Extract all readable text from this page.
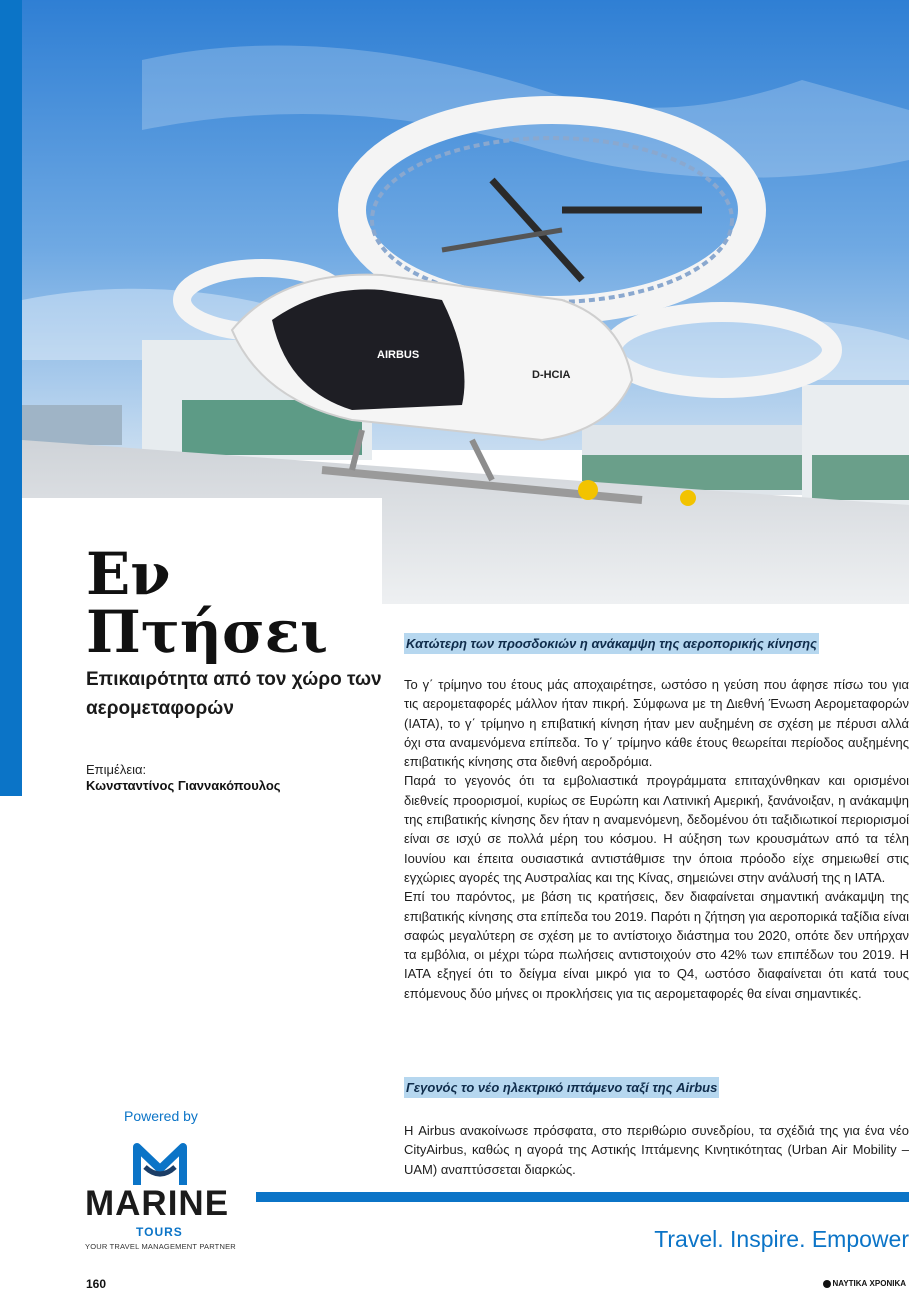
AIRBUS
D-HCIA
Εν
Πτήσει

Επικαιρότητα από τον χώρο των αερομεταφορών

Επιμέλεια:
Κωνσταντίνος Γιαννακόπουλος
Κατώτερη των προσδοκιών η ανάκαμψη της αεροπορικής κίνησης

Το γ΄ τρίμηνο του έτους μάς αποχαιρέτησε, ωστόσο η γεύση που άφησε πίσω του για τις αερομεταφορές μάλλον ήταν πικρή. Σύμφωνα με τη Διεθνή Ένωση Αερομεταφορών (IATA), το γ΄ τρίμηνο η επιβατική κίνηση ήταν μεν αυξημένη σε σχέση με πέρυσι αλλά όχι στα αναμενόμενα επίπεδα. Το γ΄ τρίμηνο κάθε έτους θεωρείται περίοδος αυξημένης επιβατικής κίνησης στα διεθνή αεροδρόμια.

Παρά το γεγονός ότι τα εμβολιαστικά προγράμματα επιταχύνθηκαν και ορισμένοι διεθνείς προορισμοί, κυρίως σε Ευρώπη και Λατινική Αμερική, ξανάνοιξαν, η ανάκαμψη της επιβατικής κίνησης δεν ήταν η αναμενόμενη, δεδομένου ότι ταξιδιωτικοί περιορισμοί είναι σε ισχύ σε πολλά μέρη του κόσμου. Η αύξηση των κρουσμάτων από τα τέλη Ιουνίου και έπειτα ουσιαστικά αντιστάθμισε την όποια πρόοδο είχε σημειωθεί στις εγχώριες αγορές της Αυστραλίας και της Κίνας, σημειώνει στην ανάλυσή της η ΙΑΤΑ.

Επί του παρόντος, με βάση τις κρατήσεις, δεν διαφαίνεται σημαντική ανάκαμψη της επιβατικής κίνησης στα επίπεδα του 2019. Παρότι η ζήτηση για αεροπορικά ταξίδια είναι σαφώς μεγαλύτερη σε σχέση με το αντίστοιχο διάστημα του 2020, οπότε δεν υπήρχαν τα εμβόλια, οι μέχρι τώρα πωλήσεις αντιστοιχούν στο 42% των επιπέδων του 2019. Η ΙΑΤΑ εξηγεί ότι το δείγμα είναι μικρό για το Q4, ωστόσο διαφαίνεται ότι κατά τους επόμενους δύο μήνες οι προκλήσεις για τις αερομεταφορές θα είναι σημαντικές.

Γεγονός το νέο ηλεκτρικό ιπτάμενο ταξί της Airbus

Η Airbus ανακοίνωσε πρόσφατα, στο περιθώριο συνεδρίου, τα σχέδιά της για ένα νέο CityAirbus, καθώς η αγορά της Αστικής Ιπτάμενης Κινητικότητας (Urban Air Mobility – UAM) αναπτύσσεται διαρκώς.

Powered by
MARINE
TOURS
YOUR TRAVEL MANAGEMENT PARTNER	Travel. Inspire. Empower
160	ΝΑΥΤΙΚΑ ΧΡΟΝΙΚΑ
